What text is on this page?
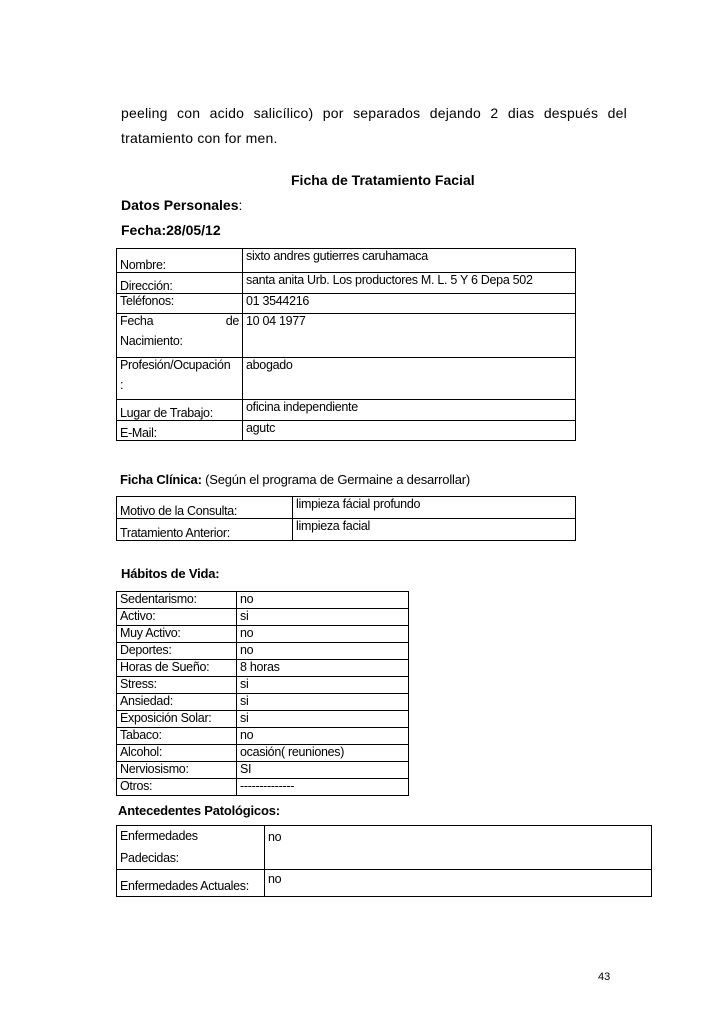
peeling con acido salicílico) por separados dejando 2 dias después del
tratamiento con for men.
Ficha de Tratamiento Facial
Datos Personales:
Fecha:28/05/12
Nombre:	sixto andres gutierres caruhamaca
Dirección:	santa anita Urb. Los productores M. L. 5 Y 6 Depa 502
Teléfonos:	01 3544216

Fecha de
Nacimiento:	10 04 1977

Profesión/Ocupación
:	abogado
Lugar de Trabajo:	oficina independiente
E-Mail:	agutc
Ficha Clínica: (Según el programa de Germaine a desarrollar)
Motivo de la Consulta:	limpieza fácial profundo
Tratamiento Anterior:	limpieza facial
Hábitos de Vida:
Sedentarismo:	no
Activo:	si
Muy Activo:	no
Deportes:	no
Horas de Sueño:	8 horas
Stress:	si
Ansiedad:	si
Exposición Solar:	si
Tabaco:	no
Alcohol:	ocasión( reuniones)
Nerviosismo:	SI
Otros:	--------------
Antecedentes Patológicos:
Enfermedades
Padecidas:	no
Enfermedades Actuales:	no
43
